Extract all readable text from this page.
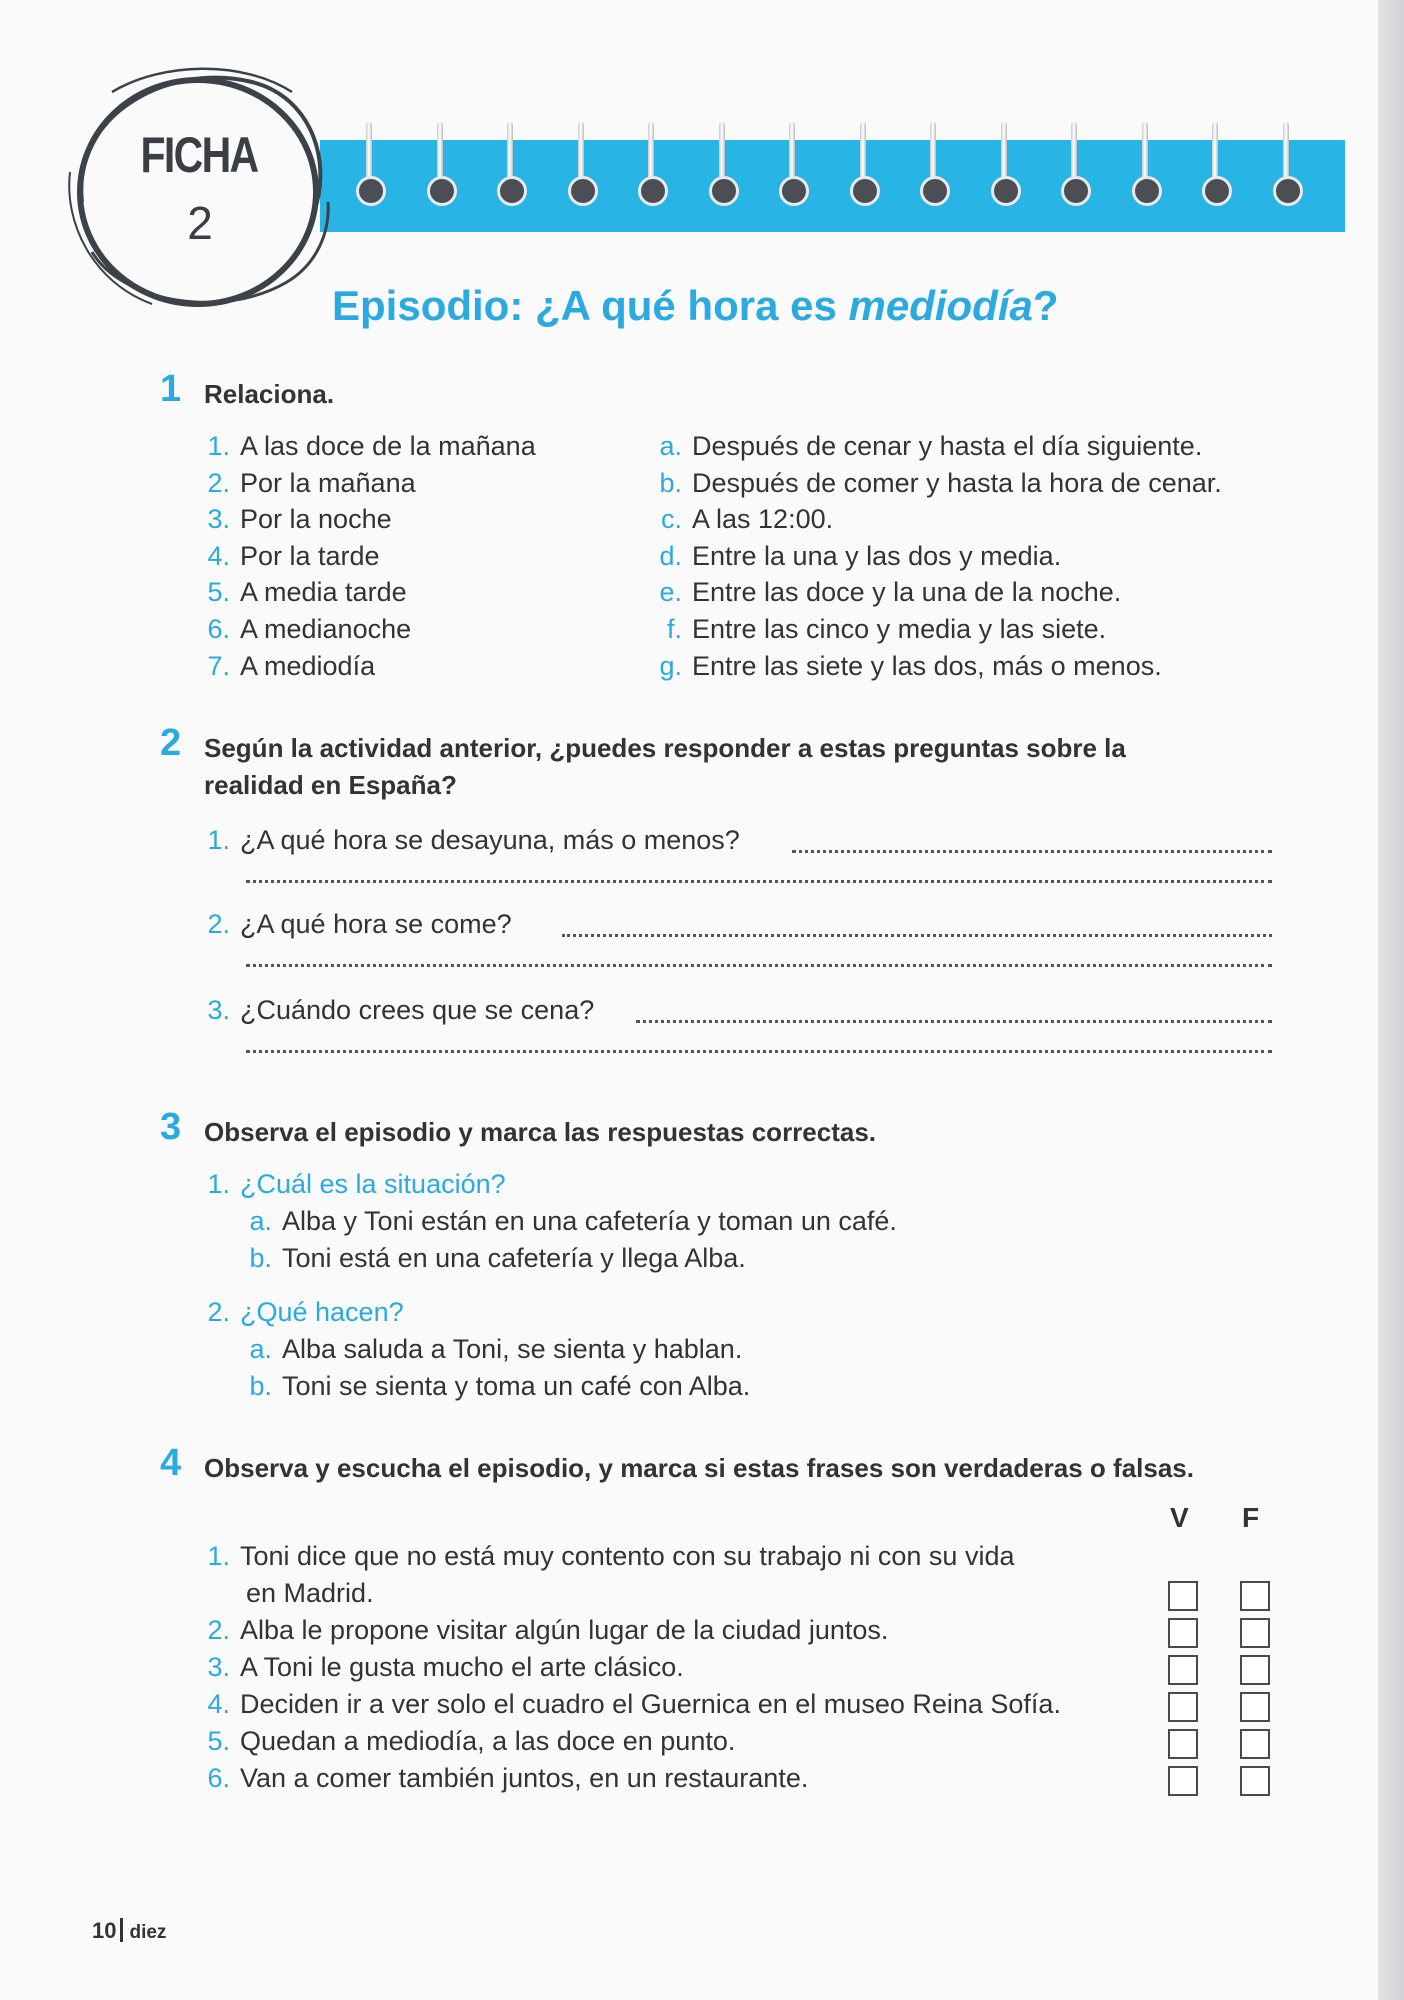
FICHA
2
Episodio: ¿A qué hora es mediodía?
1 Relaciona.
1. A las doce de la mañana
2. Por la mañana
3. Por la noche
4. Por la tarde
5. A media tarde
6. A medianoche
7. A mediodía
a. Después de cenar y hasta el día siguiente.
b. Después de comer y hasta la hora de cenar.
c. A las 12:00.
d. Entre la una y las dos y media.
e. Entre las doce y la una de la noche.
f. Entre las cinco y media y las siete.
g. Entre las siete y las dos, más o menos.
2 Según la actividad anterior, ¿puedes responder a estas preguntas sobre la
realidad en España?
1. ¿A qué hora se desayuna, más o menos?
2. ¿A qué hora se come?
3. ¿Cuándo crees que se cena?
3 Observa el episodio y marca las respuestas correctas.
1. ¿Cuál es la situación?
a. Alba y Toni están en una cafetería y toman un café.
b. Toni está en una cafetería y llega Alba.
2. ¿Qué hacen?
a. Alba saluda a Toni, se sienta y hablan.
b. Toni se sienta y toma un café con Alba.
4 Observa y escucha el episodio, y marca si estas frases son verdaderas o falsas.
V F
1. Toni dice que no está muy contento con su trabajo ni con su vida
en Madrid.
2. Alba le propone visitar algún lugar de la ciudad juntos.
3. A Toni le gusta mucho el arte clásico.
4. Deciden ir a ver solo el cuadro el Guernica en el museo Reina Sofía.
5. Quedan a mediodía, a las doce en punto.
6. Van a comer también juntos, en un restaurante.
10 diez
